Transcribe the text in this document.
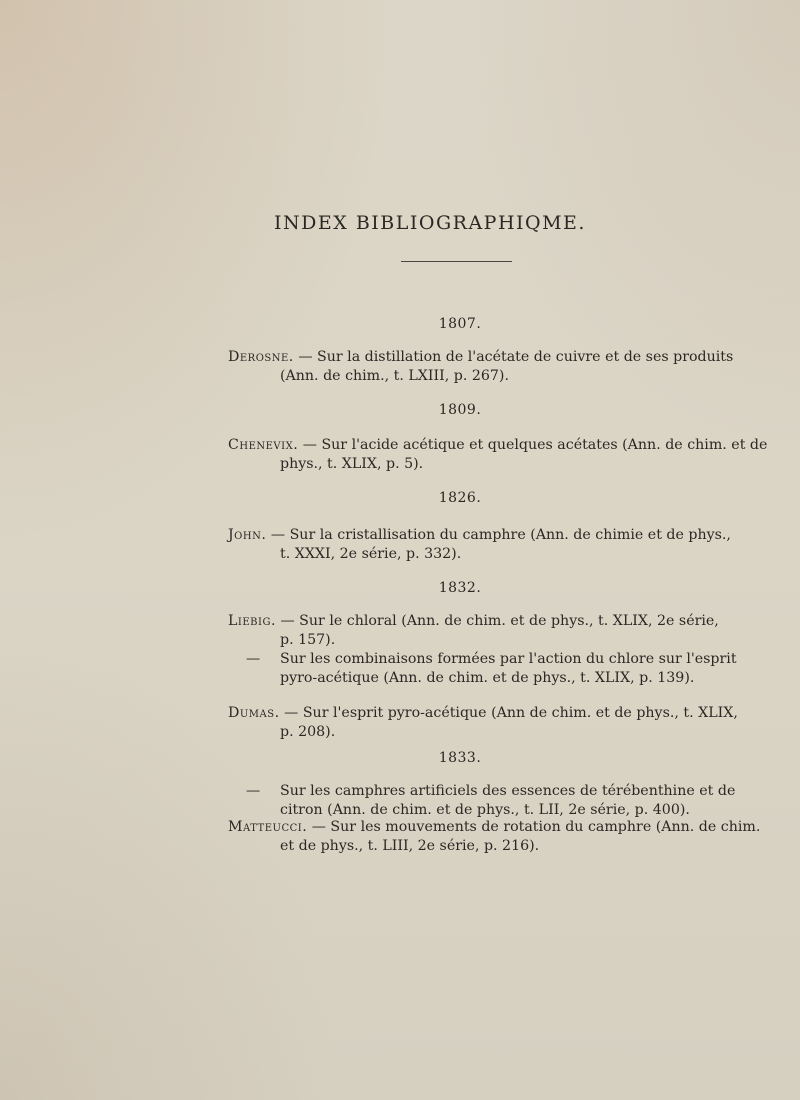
INDEX BIBLIOGRAPHIQME.
1807.
Derosne. — Sur la distillation de l'acétate de cuivre et de ses produits
(Ann. de chim., t. LXIII, p. 267).
1809.
Chenevix. — Sur l'acide acétique et quelques acétates (Ann. de chim. et de
phys., t. XLIX, p. 5).
1826.
John. — Sur la cristallisation du camphre (Ann. de chimie et de phys.,
t. XXXI, 2e série, p. 332).
1832.
Liebig. — Sur le chloral (Ann. de chim. et de phys., t. XLIX, 2e série,
p. 157).
— Sur les combinaisons formées par l'action du chlore sur l'esprit
pyro-acétique (Ann. de chim. et de phys., t. XLIX, p. 139).
Dumas. — Sur l'esprit pyro-acétique (Ann de chim. et de phys., t. XLIX,
p. 208).
1833.
— Sur les camphres artificiels des essences de térébenthine et de
citron (Ann. de chim. et de phys., t. LII, 2e série, p. 400).
Matteucci. — Sur les mouvements de rotation du camphre (Ann. de chim.
et de phys., t. LIII, 2e série, p. 216).
